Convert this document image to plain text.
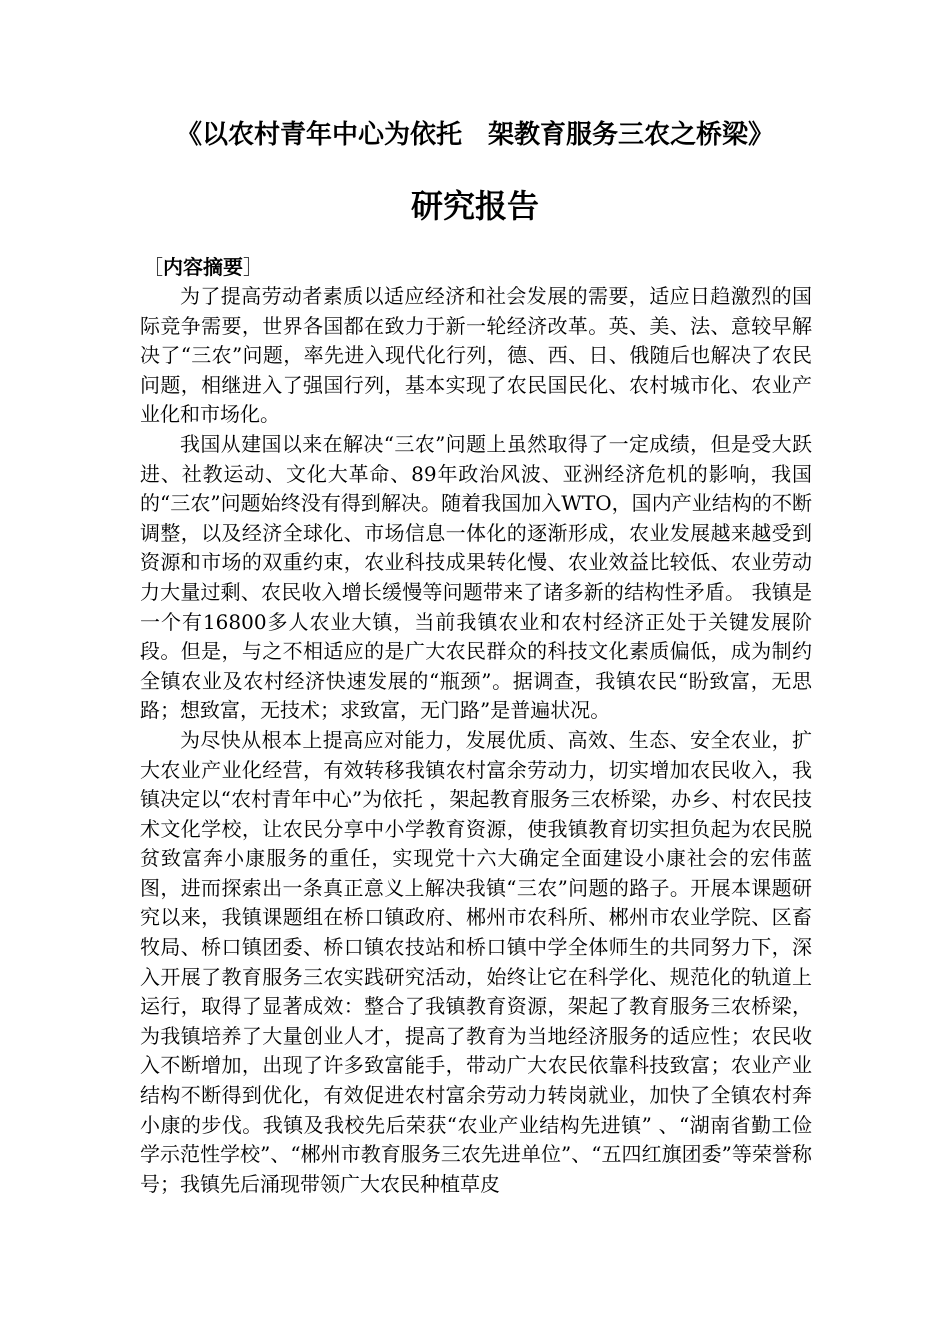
《以农村青年中心为依托　架教育服务三农之桥梁》
研究报告
［内容摘要］

为了提高劳动者素质以适应经济和社会发展的需要，适应日趋激烈的国际竞争需要，世界各国都在致力于新一轮经济改革。英、美、法、意较早解决了“三农”问题，率先进入现代化行列，德、西、日、俄随后也解决了农民问题，相继进入了强国行列，基本实现了农民国民化、农村城市化、农业产业化和市场化。

我国从建国以来在解决“三农”问题上虽然取得了一定成绩，但是受大跃进、社教运动、文化大革命、89年政治风波、亚洲经济危机的影响，我国的“三农”问题始终没有得到解决。随着我国加入WTO，国内产业结构的不断调整，以及经济全球化、市场信息一体化的逐渐形成，农业发展越来越受到资源和市场的双重约束，农业科技成果转化慢、农业效益比较低、农业劳动力大量过剩、农民收入增长缓慢等问题带来了诸多新的结构性矛盾。 我镇是一个有16800多人农业大镇，当前我镇农业和农村经济正处于关键发展阶段。但是，与之不相适应的是广大农民群众的科技文化素质偏低，成为制约全镇农业及农村经济快速发展的“瓶颈”。据调查，我镇农民“盼致富，无思路；想致富，无技术；求致富，无门路”是普遍状况。

为尽快从根本上提高应对能力，发展优质、高效、生态、安全农业，扩大农业产业化经营，有效转移我镇农村富余劳动力，切实增加农民收入，我镇决定以“农村青年中心”为依托 ，架起教育服务三农桥梁，办乡、村农民技术文化学校，让农民分享中小学教育资源，使我镇教育切实担负起为农民脱贫致富奔小康服务的重任，实现党十六大确定全面建设小康社会的宏伟蓝图，进而探索出一条真正意义上解决我镇“三农”问题的路子。开展本课题研究以来，我镇课题组在桥口镇政府、郴州市农科所、郴州市农业学院、区畜牧局、桥口镇团委、桥口镇农技站和桥口镇中学全体师生的共同努力下，深入开展了教育服务三农实践研究活动，始终让它在科学化、规范化的轨道上运行，取得了显著成效：整合了我镇教育资源，架起了教育服务三农桥梁，为我镇培养了大量创业人才，提高了教育为当地经济服务的适应性；农民收入不断增加，出现了许多致富能手，带动广大农民依靠科技致富；农业产业结构不断得到优化，有效促进农村富余劳动力转岗就业，加快了全镇农村奔小康的步伐。我镇及我校先后荣获“农业产业结构先进镇” 、“湖南省勤工俭学示范性学校”、“郴州市教育服务三农先进单位”、“五四红旗团委”等荣誉称号；我镇先后涌现带领广大农民种植草皮
